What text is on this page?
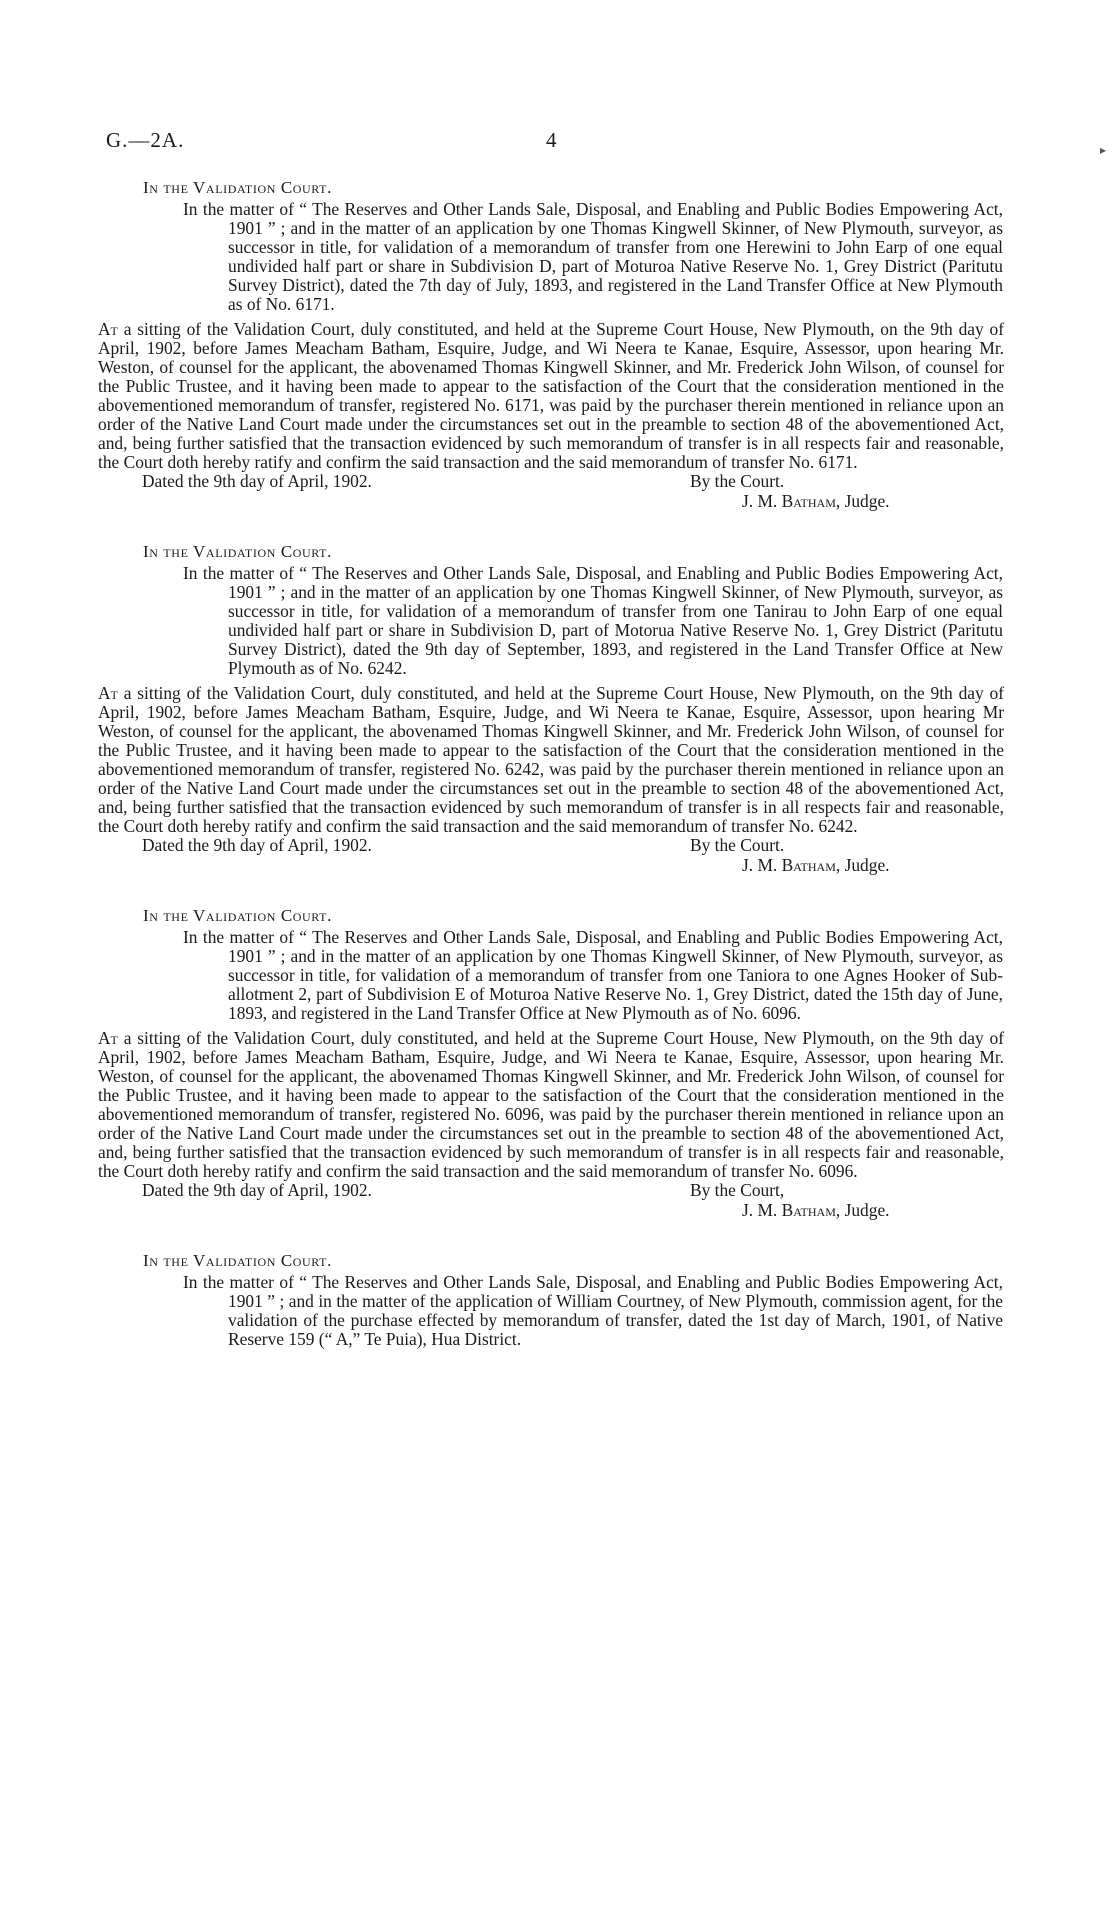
G.—2A.	4	▸
In the Validation Court.

In the matter of “ The Reserves and Other Lands Sale, Disposal, and Enabling and Public Bodies Empowering Act, 1901 ” ; and in the matter of an application by one Thomas Kingwell Skinner, of New Plymouth, surveyor, as successor in title, for validation of a memorandum of transfer from one Herewini to John Earp of one equal undivided half part or share in Subdivision D, part of Moturoa Native Reserve No. 1, Grey District (Paritutu Survey District), dated the 7th day of July, 1893, and registered in the Land Transfer Office at New Plymouth as of No. 6171.

At a sitting of the Validation Court, duly constituted, and held at the Supreme Court House, New Plymouth, on the 9th day of April, 1902, before James Meacham Batham, Esquire, Judge, and Wi Neera te Kanae, Esquire, Assessor, upon hearing Mr. Weston, of counsel for the applicant, the abovenamed Thomas Kingwell Skinner, and Mr. Frederick John Wilson, of counsel for the Public Trustee, and it having been made to appear to the satisfaction of the Court that the consideration mentioned in the abovementioned memorandum of transfer, registered No. 6171, was paid by the purchaser therein mentioned in reliance upon an order of the Native Land Court made under the circumstances set out in the preamble to section 48 of the abovementioned Act, and, being further satisfied that the transaction evidenced by such memorandum of transfer is in all respects fair and reasonable, the Court doth hereby ratify and confirm the said transaction and the said memorandum of transfer No. 6171.

Dated the 9th day of April, 1902.	By the Court.
J. M. Batham, Judge.
In the Validation Court.

In the matter of “ The Reserves and Other Lands Sale, Disposal, and Enabling and Public Bodies Empowering Act, 1901 ” ; and in the matter of an application by one Thomas Kingwell Skinner, of New Plymouth, surveyor, as successor in title, for validation of a memorandum of transfer from one Tanirau to John Earp of one equal undivided half part or share in Subdivision D, part of Motorua Native Reserve No. 1, Grey District (Paritutu Survey District), dated the 9th day of September, 1893, and registered in the Land Transfer Office at New Plymouth as of No. 6242.

At a sitting of the Validation Court, duly constituted, and held at the Supreme Court House, New Plymouth, on the 9th day of April, 1902, before James Meacham Batham, Esquire, Judge, and Wi Neera te Kanae, Esquire, Assessor, upon hearing Mr Weston, of counsel for the applicant, the abovenamed Thomas Kingwell Skinner, and Mr. Frederick John Wilson, of counsel for the Public Trustee, and it having been made to appear to the satisfaction of the Court that the consideration mentioned in the abovementioned memorandum of transfer, registered No. 6242, was paid by the purchaser therein mentioned in reliance upon an order of the Native Land Court made under the circumstances set out in the preamble to section 48 of the abovementioned Act, and, being further satisfied that the transaction evidenced by such memorandum of transfer is in all respects fair and reasonable, the Court doth hereby ratify and confirm the said transaction and the said memorandum of transfer No. 6242.

Dated the 9th day of April, 1902.	By the Court.
J. M. Batham, Judge.
In the Validation Court.

In the matter of “ The Reserves and Other Lands Sale, Disposal, and Enabling and Public Bodies Empowering Act, 1901 ” ; and in the matter of an application by one Thomas Kingwell Skinner, of New Plymouth, surveyor, as successor in title, for validation of a memorandum of transfer from one Taniora to one Agnes Hooker of Sub-allotment 2, part of Subdivision E of Moturoa Native Reserve No. 1, Grey District, dated the 15th day of June, 1893, and registered in the Land Transfer Office at New Plymouth as of No. 6096.

At a sitting of the Validation Court, duly constituted, and held at the Supreme Court House, New Plymouth, on the 9th day of April, 1902, before James Meacham Batham, Esquire, Judge, and Wi Neera te Kanae, Esquire, Assessor, upon hearing Mr. Weston, of counsel for the applicant, the abovenamed Thomas Kingwell Skinner, and Mr. Frederick John Wilson, of counsel for the Public Trustee, and it having been made to appear to the satisfaction of the Court that the consideration mentioned in the abovementioned memorandum of transfer, registered No. 6096, was paid by the purchaser therein mentioned in reliance upon an order of the Native Land Court made under the circumstances set out in the preamble to section 48 of the abovementioned Act, and, being further satisfied that the transaction evidenced by such memorandum of transfer is in all respects fair and reasonable, the Court doth hereby ratify and confirm the said transaction and the said memorandum of transfer No. 6096.

Dated the 9th day of April, 1902.	By the Court,
J. M. Batham, Judge.
In the Validation Court.

In the matter of “ The Reserves and Other Lands Sale, Disposal, and Enabling and Public Bodies Empowering Act, 1901 ” ; and in the matter of the application of William Courtney, of New Plymouth, commission agent, for the validation of the purchase effected by memorandum of transfer, dated the 1st day of March, 1901, of Native Reserve 159 (“ A,” Te Puia), Hua District.
